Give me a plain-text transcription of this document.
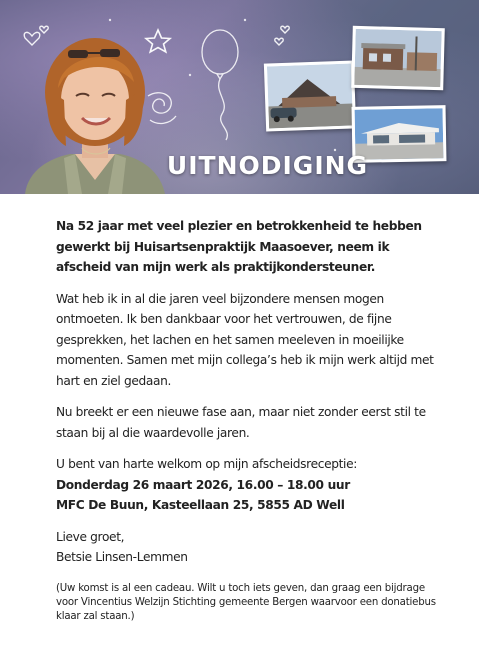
UITNODIGING

Na 52 jaar met veel plezier en betrokkenheid te hebben gewerkt bij Huisartsenpraktijk Maasoever, neem ik afscheid van mijn werk als praktijkondersteuner.

Wat heb ik in al die jaren veel bijzondere mensen mogen ontmoeten. Ik ben dankbaar voor het vertrouwen, de fijne gesprekken, het lachen en het samen meeleven in moeilijke momenten. Samen met mijn collega’s heb ik mijn werk altijd met hart en ziel gedaan.

Nu breekt er een nieuwe fase aan, maar niet zonder eerst stil te staan bij al die waardevolle jaren.

U bent van harte welkom op mijn afscheidsreceptie:
Donderdag 26 maart 2026, 16.00 – 18.00 uur
MFC De Buun, Kasteellaan 25, 5855 AD Well

Lieve groet,
Betsie Linsen-Lemmen

(Uw komst is al een cadeau. Wilt u toch iets geven, dan graag een bijdrage voor Vincentius Welzijn Stichting gemeente Bergen waarvoor een donatiebus klaar zal staan.)
